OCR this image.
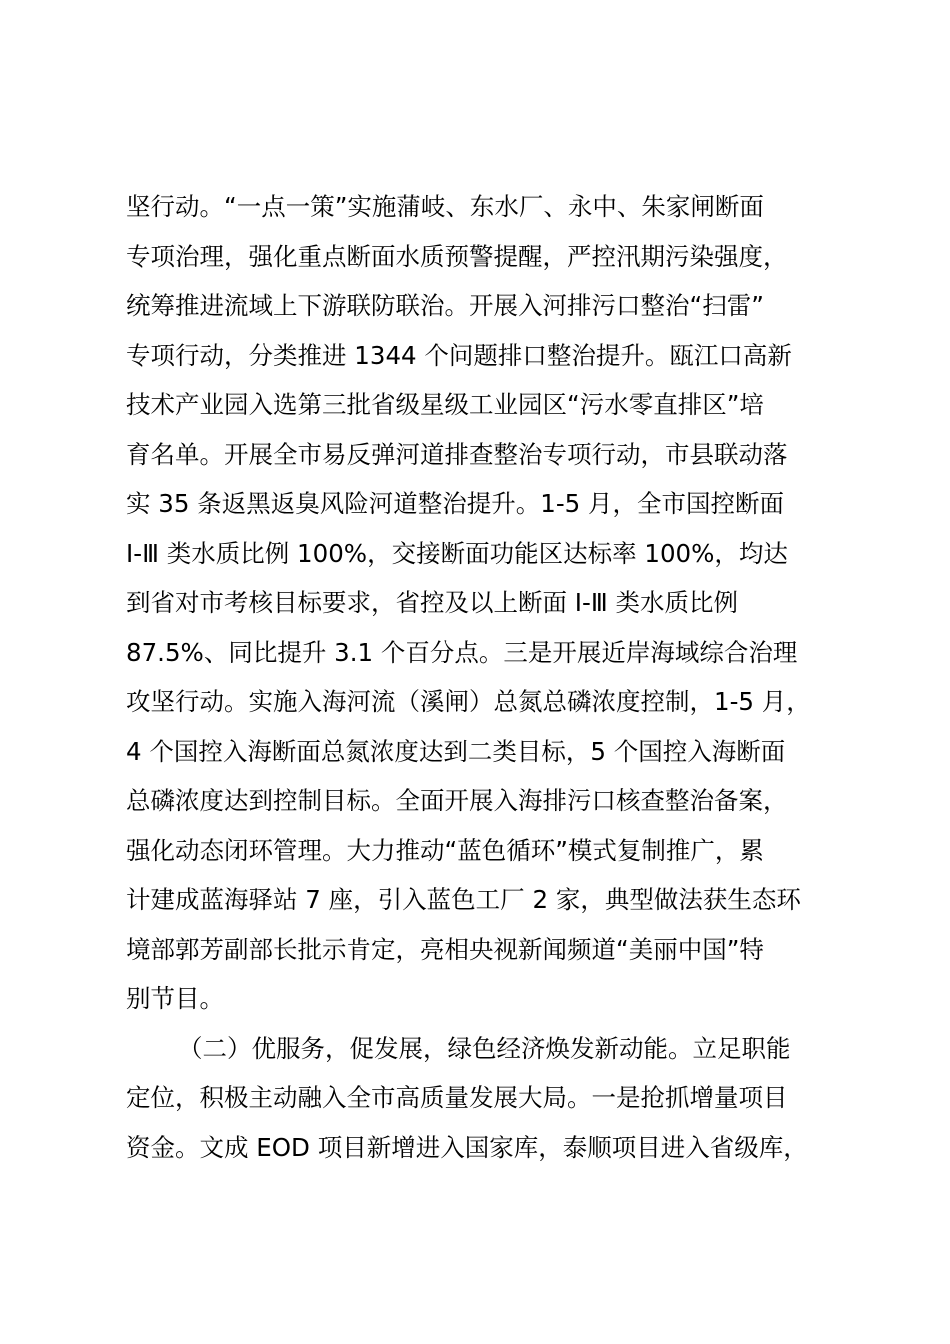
坚行动。“一点一策”实施蒲岐、东水厂、永中、朱家闸断面
专项治理，强化重点断面水质预警提醒，严控汛期污染强度，
统筹推进流域上下游联防联治。开展入河排污口整治“扫雷”
专项行动，分类推进 1344 个问题排口整治提升。瓯江口高新
技术产业园入选第三批省级星级工业园区“污水零直排区”培
育名单。开展全市易反弹河道排查整治专项行动，市县联动落
实 35 条返黑返臭风险河道整治提升。1-5 月，全市国控断面
Ⅰ-Ⅲ 类水质比例 100%，交接断面功能区达标率 100%，均达
到省对市考核目标要求，省控及以上断面 Ⅰ-Ⅲ 类水质比例
87.5%、同比提升 3.1 个百分点。三是开展近岸海域综合治理
攻坚行动。实施入海河流（溪闸）总氮总磷浓度控制，1-5 月，
4 个国控入海断面总氮浓度达到二类目标，5 个国控入海断面
总磷浓度达到控制目标。全面开展入海排污口核查整治备案，
强化动态闭环管理。大力推动“蓝色循环”模式复制推广，累
计建成蓝海驿站 7 座，引入蓝色工厂 2 家，典型做法获生态环
境部郭芳副部长批示肯定，亮相央视新闻频道“美丽中国”特
别节目。
（二）优服务，促发展，绿色经济焕发新动能。立足职能
定位，积极主动融入全市高质量发展大局。一是抢抓增量项目
资金。文成 EOD 项目新增进入国家库，泰顺项目进入省级库，
